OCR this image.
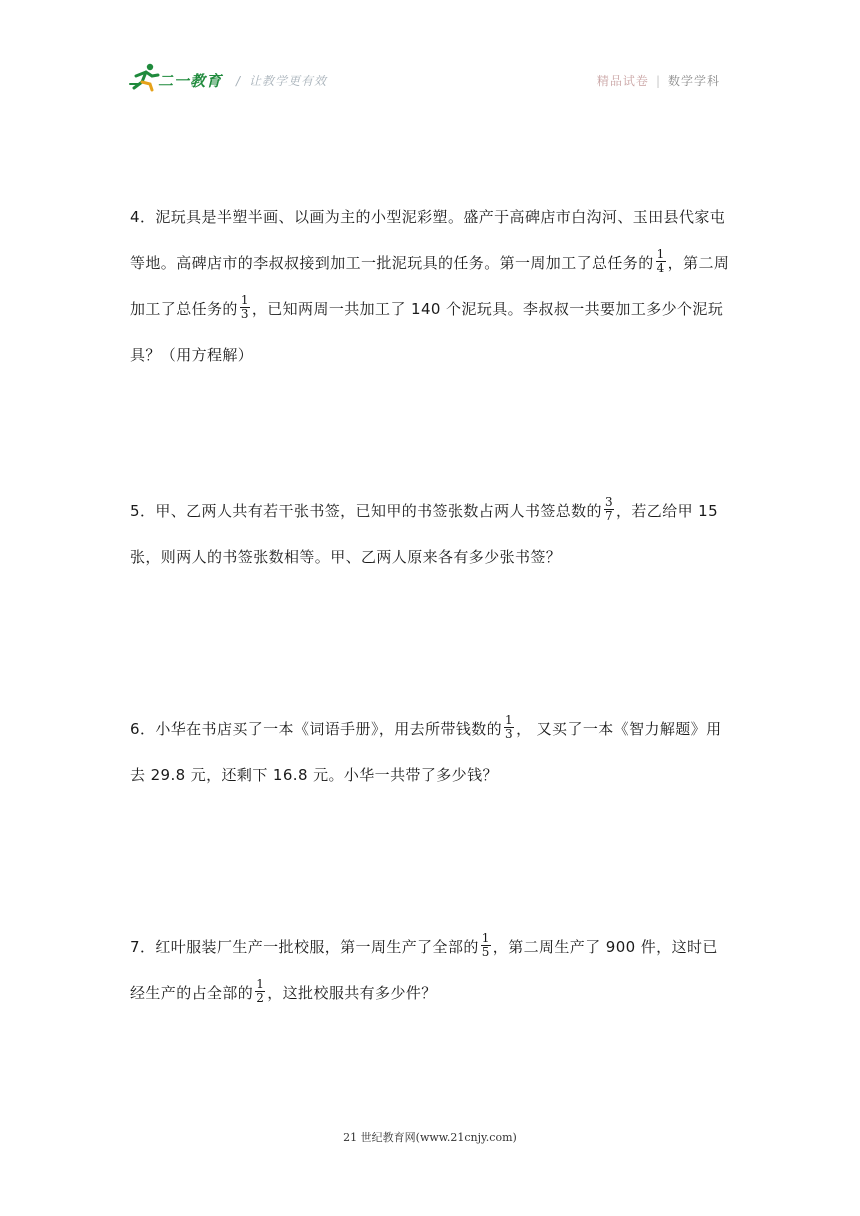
二一教育 / 让教学更有效	精品试卷 | 数学学科
4．泥玩具是半塑半画、以画为主的小型泥彩塑。盛产于高碑店市白沟河、玉田县代家屯等地。高碑店市的李叔叔接到加工一批泥玩具的任务。第一周加工了总任务的 $\frac{1}{4}$ ，第二周加工了总任务的 $\frac{1}{3}$ ，已知两周一共加工了 140 个泥玩具。李叔叔一共要加工多少个泥玩具？（用方程解）
5．甲、乙两人共有若干张书签，已知甲的书签张数占两人书签总数的 $\frac{3}{7}$ ，若乙给甲 15 张，则两人的书签张数相等。甲、乙两人原来各有多少张书签？
6．小华在书店买了一本《词语手册》，用去所带钱数的 $\frac{1}{3}$ ， 又买了一本《智力解题》用去 29.8 元，还剩下 16.8 元。小华一共带了多少钱？
7．红叶服装厂生产一批校服，第一周生产了全部的 $\frac{1}{5}$ ，第二周生产了 900 件，这时已经生产的占全部的 $\frac{1}{2}$ ，这批校服共有多少件？
21 世纪教育网(www.21cnjy.com)
